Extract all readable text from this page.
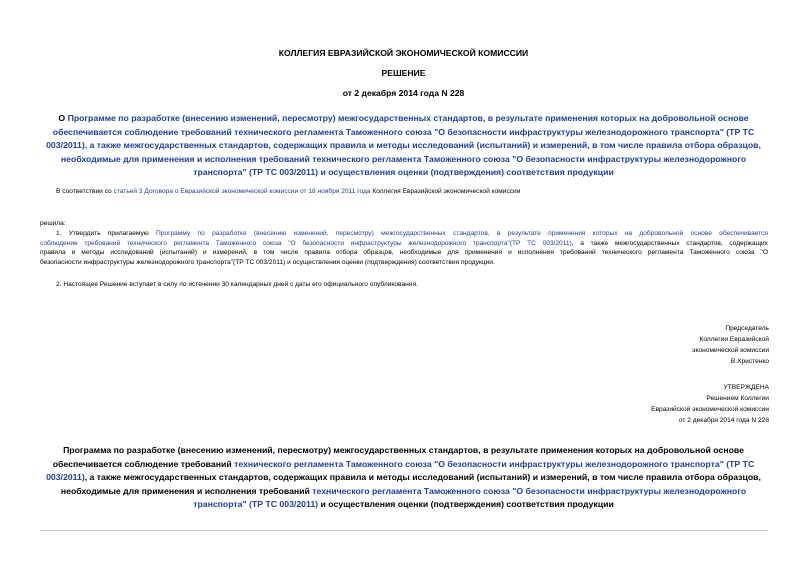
КОЛЛЕГИЯ ЕВРАЗИЙСКОЙ ЭКОНОМИЧЕСКОЙ КОМИССИИ
РЕШЕНИЕ
от 2 декабря 2014 года N 228
О Программе по разработке (внесению изменений, пересмотру) межгосударственных стандартов, в результате применения которых на добровольной основе
обеспечивается соблюдение требований технического регламента Таможенного союза "О безопасности инфраструктуры железнодорожного транспорта" (ТР ТС
003/2011), а также межгосударственных стандартов, содержащих правила и методы исследований (испытаний) и измерений, в том числе правила отбора образцов,
необходимые для применения и исполнения требований технического регламента Таможенного союза "О безопасности инфраструктуры железнодорожного
транспорта" (ТР ТС 003/2011) и осуществления оценки (подтверждения) соответствия продукции
В соответствии со статьей 3 Договора о Евразийской экономической комиссии от 18 ноября 2011 года Коллегия Евразийской экономической комиссии
решила:
1. Утвердить прилагаемую Программу по разработке (внесению изменений, пересмотру) межгосударственных стандартов, в результате применения которых на добровольной основе обеспечивается
соблюдение требований технического регламента Таможенного союза "О безопасности инфраструктуры железнодорожного транспорта"(ТР ТС 003/2011), а также межгосударственных стандартов, содержащих
правила и методы исследований (испытаний) и измерений, в том числе правила отбора образцов, необходимые для применения и исполнения требований технического регламента Таможенного союза "О
безопасности инфраструктуры железнодорожного транспорта"(ТР ТС 003/2011) и осуществления оценки (подтверждения) соответствия продукции.
2. Настоящее Решение вступает в силу по истечении 30 календарных дней с даты его официального опубликования.
Председатель
Коллегии Евразийской
экономической комиссии
В.Христенко
УТВЕРЖДЕНА
Решением Коллегии
Евразийской экономической комиссии
от 2 декабря 2014 года N 228
Программа по разработке (внесению изменений, пересмотру) межгосударственных стандартов, в результате применения которых на добровольной основе
обеспечивается соблюдение требований технического регламента Таможенного союза "О безопасности инфраструктуры железнодорожного транспорта" (ТР ТС
003/2011), а также межгосударственных стандартов, содержащих правила и методы исследований (испытаний) и измерений, в том числе правила отбора образцов,
необходимые для применения и исполнения требований технического регламента Таможенного союза "О безопасности инфраструктуры железнодорожного
транспорта" (ТР ТС 003/2011) и осуществления оценки (подтверждения) соответствия продукции
